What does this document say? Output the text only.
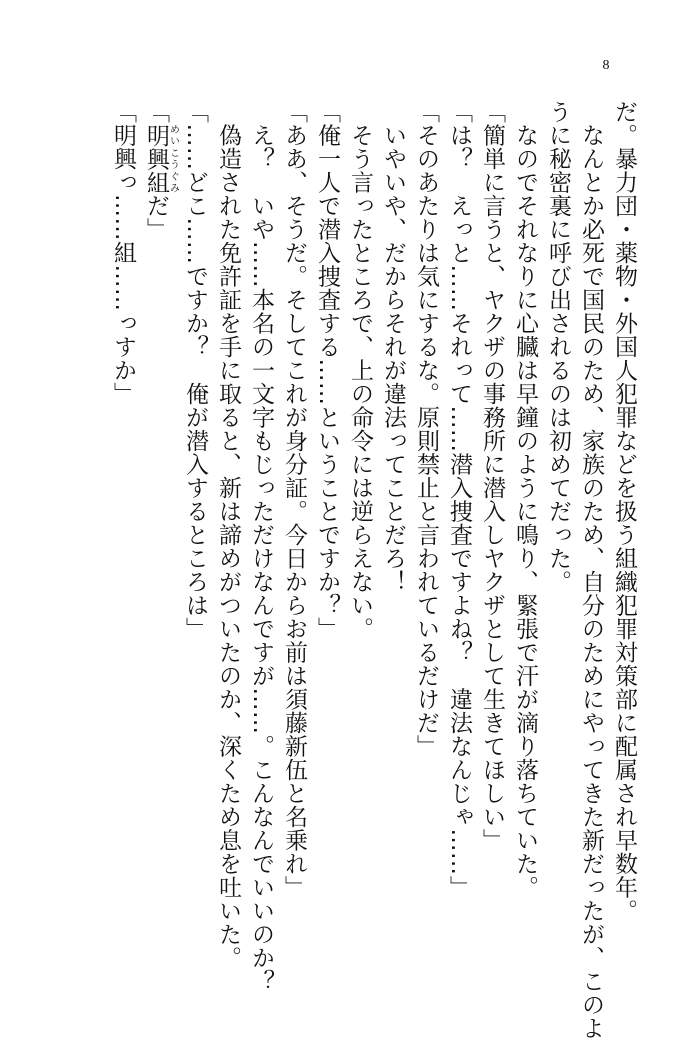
8
だ。暴力団・薬物・外国人犯罪などを扱う組織犯罪対策部に配属され早数年。
　なんとか必死で国民のため、家族のため、自分のためにやってきた新だったが、このよ
うに秘密裏に呼び出されるのは初めてだった。
　なのでそれなりに心臓は早鐘のように鳴り、緊張で汗が滴り落ちていた。
「簡単に言うと、ヤクザの事務所に潜入しヤクザとして生きてほしい」
「は？　えっと……それって……潜入捜査ですよね？　違法なんじゃ……」
「そのあたりは気にするな。原則禁止と言われているだけだ」
　いやいや、だからそれが違法ってことだろ！
　そう言ったところで、上の命令には逆らえない。
「俺一人で潜入捜査する……ということですか？」
「ああ、そうだ。そしてこれが身分証。今日からお前は須藤新伍と名乗れ」
　え？　いや……本名の一文字もじっただけなんですが……。こんなんでいいのか？
　偽造された免許証を手に取ると、新は諦めがついたのか、深くため息を吐いた。
「……どこ……ですか？　俺が潜入するところは」
「明興組めいこうぐみだ」
「明興っ……組……っすか」
